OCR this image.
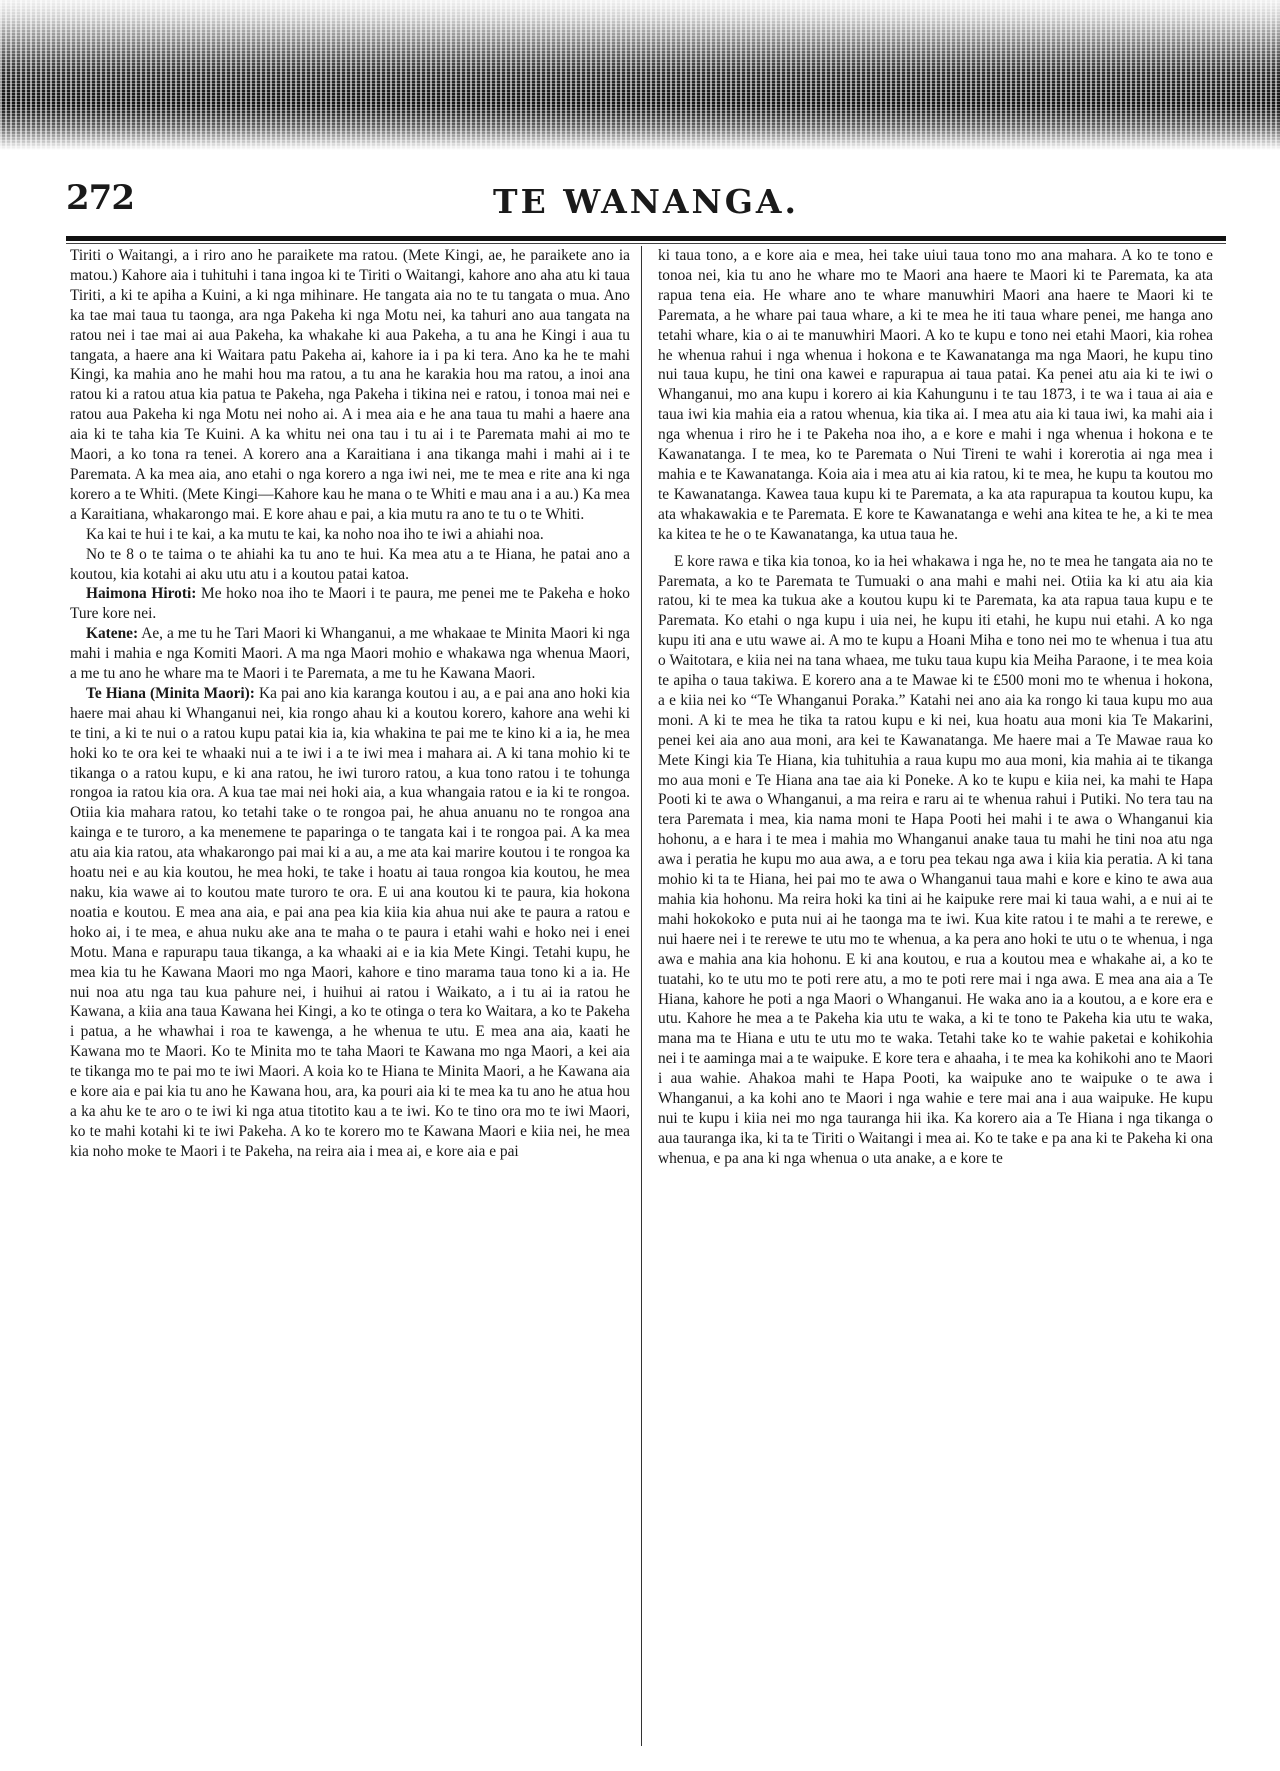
272	TE WANANGA.

Tiriti o Waitangi, a i riro ano he paraikete ma ratou. (Mete Kingi, ae, he paraikete ano ia matou.) Kahore aia i tuhituhi i tana ingoa ki te Tiriti o Waitangi, kahore ano aha atu ki taua Tiriti, a ki te apiha a Kuini, a ki nga mihinare. He tangata aia no te tu tangata o mua. Ano ka tae mai taua tu taonga, ara nga Pakeha ki nga Motu nei, ka tahuri ano aua tangata na ratou nei i tae mai ai aua Pakeha, ka whakahe ki aua Pakeha, a tu ana he Kingi i aua tu tangata, a haere ana ki Waitara patu Pakeha ai, kahore ia i pa ki tera. Ano ka he te mahi Kingi, ka mahia ano he mahi hou ma ratou, a tu ana he karakia hou ma ratou, a inoi ana ratou ki a ratou atua kia patua te Pakeha, nga Pakeha i tikina nei e ratou, i tonoa mai nei e ratou aua Pakeha ki nga Motu nei noho ai. A i mea aia e he ana taua tu mahi a haere ana aia ki te taha kia Te Kuini. A ka whitu nei ona tau i tu ai i te Paremata mahi ai mo te Maori, a ko tona ra tenei. A korero ana a Karaitiana i ana tikanga mahi i mahi ai i te Paremata. A ka mea aia, ano etahi o nga korero a nga iwi nei, me te mea e rite ana ki nga korero a te Whiti. (Mete Kingi—Kahore kau he mana o te Whiti e mau ana i a au.) Ka mea a Karaitiana, whakarongo mai. E kore ahau e pai, a kia mutu ra ano te tu o te Whiti.

Ka kai te hui i te kai, a ka mutu te kai, ka noho noa iho te iwi a ahiahi noa.

No te 8 o te taima o te ahiahi ka tu ano te hui. Ka mea atu a te Hiana, he patai ano a koutou, kia kotahi ai aku utu atu i a koutou patai katoa.

Haimona Hiroti: Me hoko noa iho te Maori i te paura, me penei me te Pakeha e hoko Ture kore nei.

Katene: Ae, a me tu he Tari Maori ki Whanganui, a me whakaae te Minita Maori ki nga mahi i mahia e nga Komiti Maori. A ma nga Maori mohio e whakawa nga whenua Maori, a me tu ano he whare ma te Maori i te Paremata, a me tu he Kawana Maori.

Te Hiana (Minita Maori): Ka pai ano kia karanga koutou i au, a e pai ana ano hoki kia haere mai ahau ki Whanganui nei, kia rongo ahau ki a koutou korero, kahore ana wehi ki te tini, a ki te nui o a ratou kupu patai kia ia, kia whakina te pai me te kino ki a ia, he mea hoki ko te ora kei te whaaki nui a te iwi i a te iwi mea i mahara ai. A ki tana mohio ki te tikanga o a ratou kupu, e ki ana ratou, he iwi turoro ratou, a kua tono ratou i te tohunga rongoa ia ratou kia ora. A kua tae mai nei hoki aia, a kua whangaia ratou e ia ki te rongoa. Otiia kia mahara ratou, ko tetahi take o te rongoa pai, he ahua anuanu no te rongoa ana kainga e te turoro, a ka menemene te paparinga o te tangata kai i te rongoa pai. A ka mea atu aia kia ratou, ata whakarongo pai mai ki a au, a me ata kai marire koutou i te rongoa ka hoatu nei e au kia koutou, he mea hoki, te take i hoatu ai taua rongoa kia koutou, he mea naku, kia wawe ai to koutou mate turoro te ora. E ui ana koutou ki te paura, kia hokona noatia e koutou. E mea ana aia, e pai ana pea kia kiia kia ahua nui ake te paura a ratou e hoko ai, i te mea, e ahua nuku ake ana te maha o te paura i etahi wahi e hoko nei i enei Motu. Mana e rapurapu taua tikanga, a ka whaaki ai e ia kia Mete Kingi. Tetahi kupu, he mea kia tu he Kawana Maori mo nga Maori, kahore e tino marama taua tono ki a ia. He nui noa atu nga tau kua pahure nei, i huihui ai ratou i Waikato, a i tu ai ia ratou he Kawana, a kiia ana taua Kawana hei Kingi, a ko te otinga o tera ko Waitara, a ko te Pakeha i patua, a he whawhai i roa te kawenga, a he whenua te utu. E mea ana aia, kaati he Kawana mo te Maori. Ko te Minita mo te taha Maori te Kawana mo nga Maori, a kei aia te tikanga mo te pai mo te iwi Maori. A koia ko te Hiana te Minita Maori, a he Kawana aia e kore aia e pai kia tu ano he Kawana hou, ara, ka pouri aia ki te mea ka tu ano he atua hou a ka ahu ke te aro o te iwi ki nga atua titotito kau a te iwi. Ko te tino ora mo te iwi Maori, ko te mahi kotahi ki te iwi Pakeha. A ko te korero mo te Kawana Maori e kiia nei, he mea kia noho moke te Maori i te Pakeha, na reira aia i mea ai, e kore aia e pai

ki taua tono, a e kore aia e mea, hei take uiui taua tono mo ana mahara. A ko te tono e tonoa nei, kia tu ano he whare mo te Maori ana haere te Maori ki te Paremata, ka ata rapua tena eia. He whare ano te whare manuwhiri Maori ana haere te Maori ki te Paremata, a he whare pai taua whare, a ki te mea he iti taua whare penei, me hanga ano tetahi whare, kia o ai te manuwhiri Maori. A ko te kupu e tono nei etahi Maori, kia rohea he whenua rahui i nga whenua i hokona e te Kawanatanga ma nga Maori, he kupu tino nui taua kupu, he tini ona kawei e rapurapua ai taua patai. Ka penei atu aia ki te iwi o Whanganui, mo ana kupu i korero ai kia Kahungunu i te tau 1873, i te wa i taua ai aia e taua iwi kia mahia eia a ratou whenua, kia tika ai. I mea atu aia ki taua iwi, ka mahi aia i nga whenua i riro he i te Pakeha noa iho, a e kore e mahi i nga whenua i hokona e te Kawanatanga. I te mea, ko te Paremata o Nui Tireni te wahi i korerotia ai nga mea i mahia e te Kawanatanga. Koia aia i mea atu ai kia ratou, ki te mea, he kupu ta koutou mo te Kawanatanga. Kawea taua kupu ki te Paremata, a ka ata rapurapua ta koutou kupu, ka ata whakawakia e te Paremata. E kore te Kawanatanga e wehi ana kitea te he, a ki te mea ka kitea te he o te Kawanatanga, ka utua taua he.

E kore rawa e tika kia tonoa, ko ia hei whakawa i nga he, no te mea he tangata aia no te Paremata, a ko te Paremata te Tumuaki o ana mahi e mahi nei. Otiia ka ki atu aia kia ratou, ki te mea ka tukua ake a koutou kupu ki te Paremata, ka ata rapua taua kupu e te Paremata. Ko etahi o nga kupu i uia nei, he kupu iti etahi, he kupu nui etahi. A ko nga kupu iti ana e utu wawe ai. A mo te kupu a Hoani Miha e tono nei mo te whenua i tua atu o Waitotara, e kiia nei na tana whaea, me tuku taua kupu kia Meiha Paraone, i te mea koia te apiha o taua takiwa. E korero ana a te Mawae ki te £500 moni mo te whenua i hokona, a e kiia nei ko “Te Whanganui Poraka.” Katahi nei ano aia ka rongo ki taua kupu mo aua moni. A ki te mea he tika ta ratou kupu e ki nei, kua hoatu aua moni kia Te Makarini, penei kei aia ano aua moni, ara kei te Kawanatanga. Me haere mai a Te Mawae raua ko Mete Kingi kia Te Hiana, kia tuhituhia a raua kupu mo aua moni, kia mahia ai te tikanga mo aua moni e Te Hiana ana tae aia ki Poneke. A ko te kupu e kiia nei, ka mahi te Hapa Pooti ki te awa o Whanganui, a ma reira e raru ai te whenua rahui i Putiki. No tera tau na tera Paremata i mea, kia nama moni te Hapa Pooti hei mahi i te awa o Whanganui kia hohonu, a e hara i te mea i mahia mo Whanganui anake taua tu mahi he tini noa atu nga awa i peratia he kupu mo aua awa, a e toru pea tekau nga awa i kiia kia peratia. A ki tana mohio ki ta te Hiana, hei pai mo te awa o Whanganui taua mahi e kore e kino te awa aua mahia kia hohonu. Ma reira hoki ka tini ai he kaipuke rere mai ki taua wahi, a e nui ai te mahi hokokoko e puta nui ai he taonga ma te iwi. Kua kite ratou i te mahi a te rerewe, e nui haere nei i te rerewe te utu mo te whenua, a ka pera ano hoki te utu o te whenua, i nga awa e mahia ana kia hohonu. E ki ana koutou, e rua a koutou mea e whakahe ai, a ko te tuatahi, ko te utu mo te poti rere atu, a mo te poti rere mai i nga awa. E mea ana aia a Te Hiana, kahore he poti a nga Maori o Whanganui. He waka ano ia a koutou, a e kore era e utu. Kahore he mea a te Pakeha kia utu te waka, a ki te tono te Pakeha kia utu te waka, mana ma te Hiana e utu te utu mo te waka. Tetahi take ko te wahie paketai e kohikohia nei i te aaminga mai a te waipuke. E kore tera e ahaaha, i te mea ka kohikohi ano te Maori i aua wahie. Ahakoa mahi te Hapa Pooti, ka waipuke ano te waipuke o te awa i Whanganui, a ka kohi ano te Maori i nga wahie e tere mai ana i aua waipuke. He kupu nui te kupu i kiia nei mo nga tauranga hii ika. Ka korero aia a Te Hiana i nga tikanga o aua tauranga ika, ki ta te Tiriti o Waitangi i mea ai. Ko te take e pa ana ki te Pakeha ki ona whenua, e pa ana ki nga whenua o uta anake, a e kore te
